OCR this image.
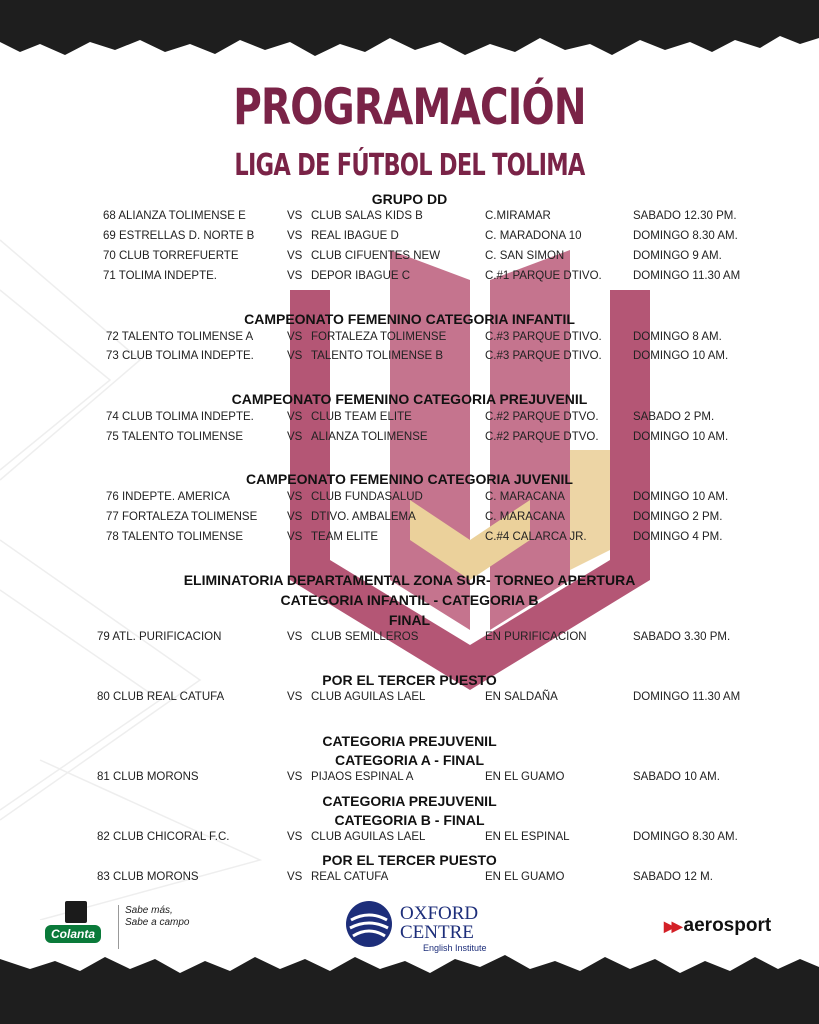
PROGRAMACIÓN
LIGA DE FÚTBOL DEL TOLIMA
GRUPO DD
68 ALIANZA TOLIMENSE E	VS CLUB SALAS KIDS B	C.MIRAMAR	SABADO 12.30 PM.
69 ESTRELLAS D. NORTE B	VS REAL IBAGUE D	C. MARADONA 10	DOMINGO 8.30 AM.
70 CLUB TORREFUERTE	VS CLUB CIFUENTES NEW	C. SAN SIMON	DOMINGO 9 AM.
71 TOLIMA INDEPTE.	VS DEPOR IBAGUE C	C.#1 PARQUE DTIVO.	DOMINGO 11.30 AM
CAMPEONATO FEMENINO CATEGORIA INFANTIL
72 TALENTO TOLIMENSE A	VS FORTALEZA TOLIMENSE	C.#3 PARQUE DTIVO.	DOMINGO 8 AM.
73 CLUB TOLIMA INDEPTE.	VS TALENTO TOLIMENSE B	C.#3 PARQUE DTIVO.	DOMINGO 10 AM.
CAMPEONATO FEMENINO CATEGORIA PREJUVENIL
74 CLUB TOLIMA INDEPTE.	VS CLUB TEAM ELITE	C.#2 PARQUE DTVO.	SABADO 2 PM.
75 TALENTO TOLIMENSE	VS ALIANZA TOLIMENSE	C.#2 PARQUE DTVO.	DOMINGO 10 AM.
CAMPEONATO FEMENINO CATEGORIA JUVENIL
76 INDEPTE. AMERICA	VS CLUB FUNDASALUD	C. MARACANA	DOMINGO 10 AM.
77 FORTALEZA TOLIMENSE	VS DTIVO. AMBALEMA	C. MARACANA	DOMINGO 2 PM.
78 TALENTO TOLIMENSE	VS TEAM ELITE	C.#4 CALARCA JR.	DOMINGO 4 PM.
ELIMINATORIA DEPARTAMENTAL ZONA SUR- TORNEO APERTURA
CATEGORIA INFANTIL - CATEGORIA B
FINAL
79 ATL. PURIFICACION	VS CLUB SEMILLEROS	EN PURIFICACION	SABADO 3.30 PM.
POR EL TERCER PUESTO
80 CLUB REAL CATUFA	VS CLUB AGUILAS LAEL	EN SALDAÑA	DOMINGO 11.30 AM
CATEGORIA PREJUVENIL
CATEGORIA A - FINAL
81 CLUB MORONS	VS PIJAOS ESPINAL A	EN EL GUAMO	SABADO 10 AM.
CATEGORIA PREJUVENIL
CATEGORIA B - FINAL
82 CLUB CHICORAL F.C.	VS CLUB AGUILAS LAEL	EN EL ESPINAL	DOMINGO 8.30 AM.
POR EL TERCER PUESTO
83 CLUB MORONS	VS REAL CATUFA	EN EL GUAMO	SABADO 12 M.
Colanta
Sabe más,
Sabe a campo	OXFORD
CENTRE
English Institute
▶▶ aerosport
